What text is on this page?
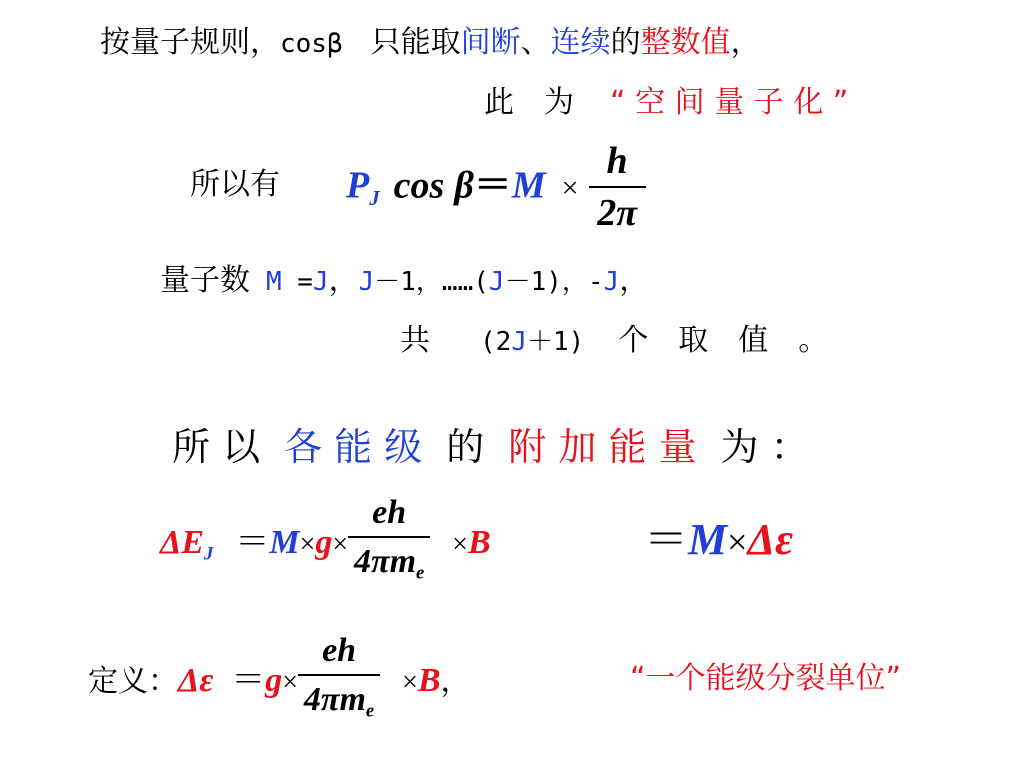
按量子规则，cosβ 只能取间断、连续的整数值，
此　为 “ 空 间 量 子 化 ”
所以有 $P_J$ $\cos \beta=M \times \frac{h}{2\pi}$
量子数 M =J，J－1，……(J－1)，-J，
共 (2J＋1) 个　取　值　。
所 以 各 能 级 的 附 加 能 量 为 ：
$\Delta E_J =M\times g\times \frac{eh}{4\pi m_e} \times B$	＝M×Δε
定义：$\Delta\varepsilon =g\times \frac{eh}{4\pi m_e} \times B$，	“一个能级分裂单位”
